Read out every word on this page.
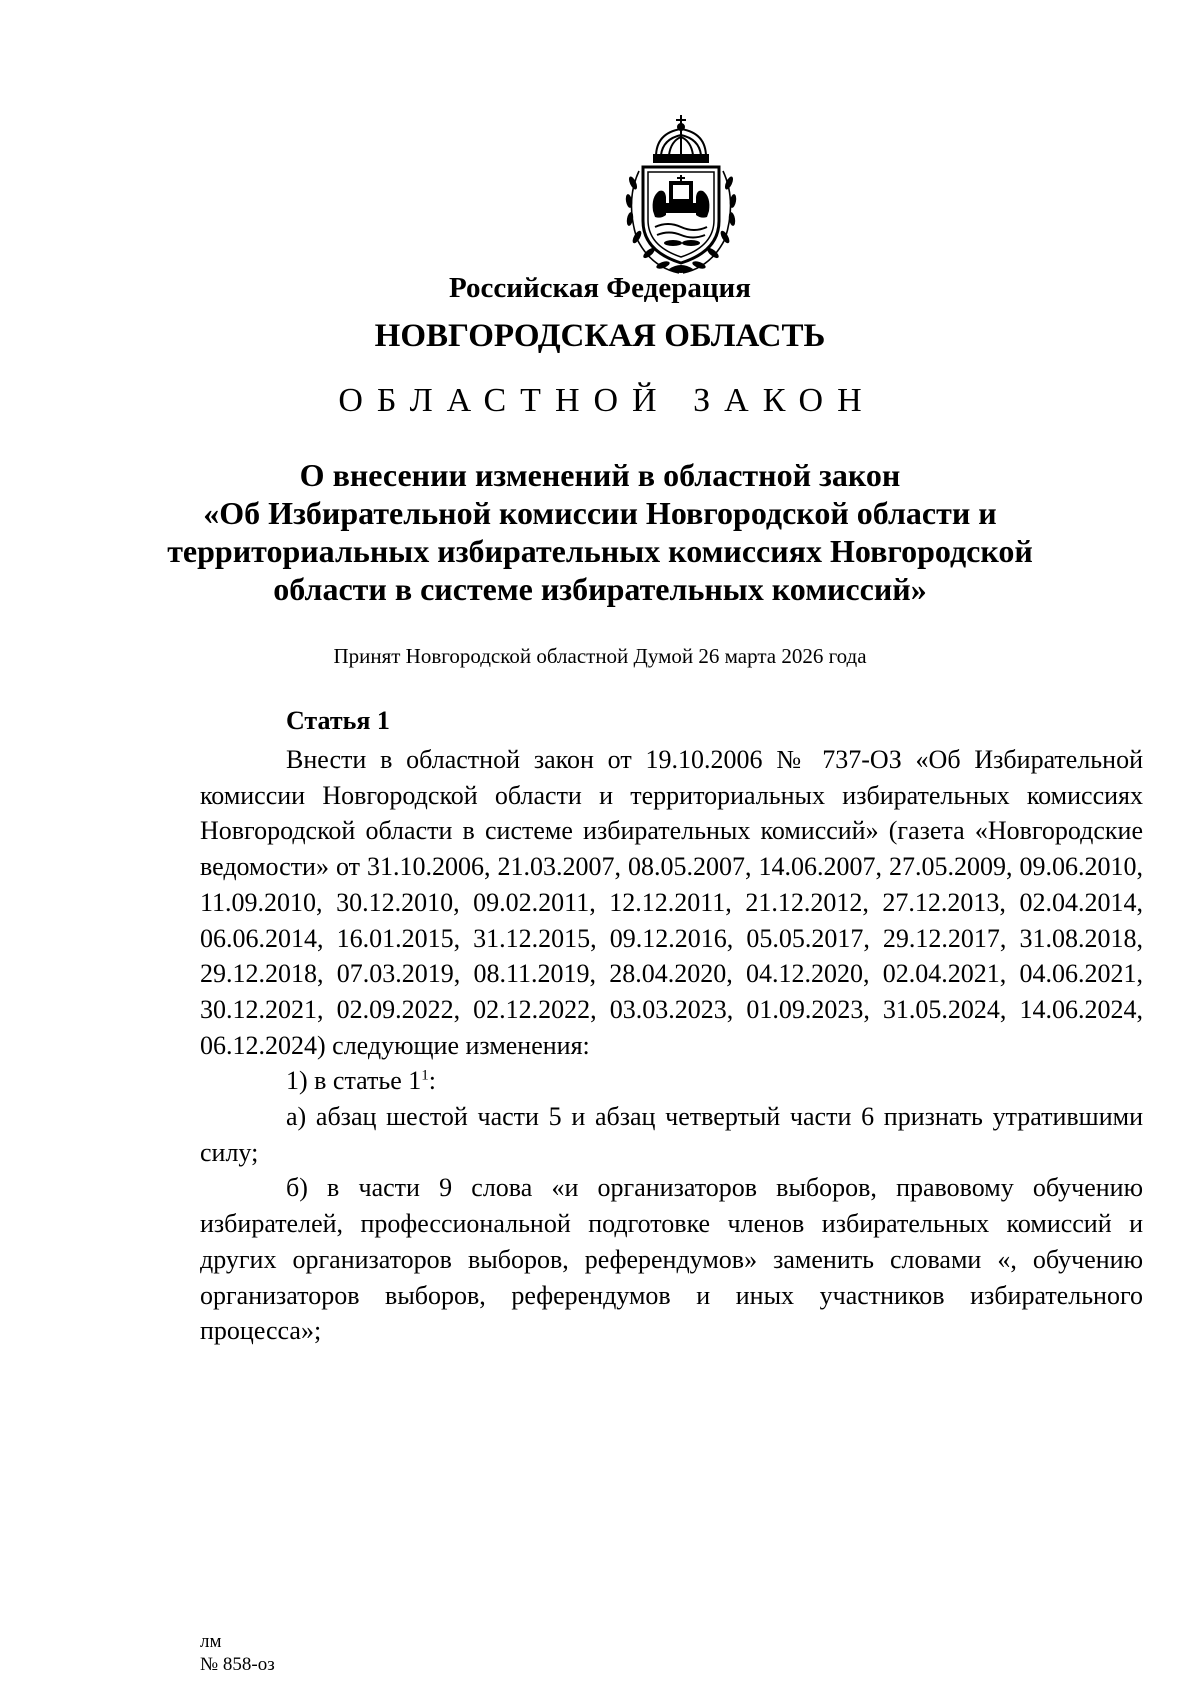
Российская Федерация
НОВГОРОДСКАЯ ОБЛАСТЬ
ОБЛАСТНОЙ ЗАКОН
О внесении изменений в областной закон
«Об Избирательной комиссии Новгородской области и
территориальных избирательных комиссиях Новгородской
области в системе избирательных комиссий»
Принят Новгородской областной Думой 26 марта 2026 года
Статья 1

Внести в областной закон от 19.10.2006 № 737-ОЗ «Об Избирательной комиссии Новгородской области и территориальных избирательных комиссиях Новгородской области в системе избирательных комиссий» (газета «Новгородские ведомости» от 31.10.2006, 21.03.2007, 08.05.2007, 14.06.2007, 27.05.2009, 09.06.2010, 11.09.2010, 30.12.2010, 09.02.2011, 12.12.2011, 21.12.2012, 27.12.2013, 02.04.2014, 06.06.2014, 16.01.2015, 31.12.2015, 09.12.2016, 05.05.2017, 29.12.2017, 31.08.2018, 29.12.2018, 07.03.2019, 08.11.2019, 28.04.2020, 04.12.2020, 02.04.2021, 04.06.2021, 30.12.2021, 02.09.2022, 02.12.2022, 03.03.2023, 01.09.2023, 31.05.2024, 14.06.2024, 06.12.2024) следующие изменения:

1) в статье $1^1$:

а) абзац шестой части 5 и абзац четвертый части 6 признать утратившими силу;

б) в части 9 слова «и организаторов выборов, правовому обучению избирателей, профессиональной подготовке членов избирательных комиссий и других организаторов выборов, референдумов» заменить словами «, обучению организаторов выборов, референдумов и иных участников избирательного процесса»;

лм
№ 858-оз
